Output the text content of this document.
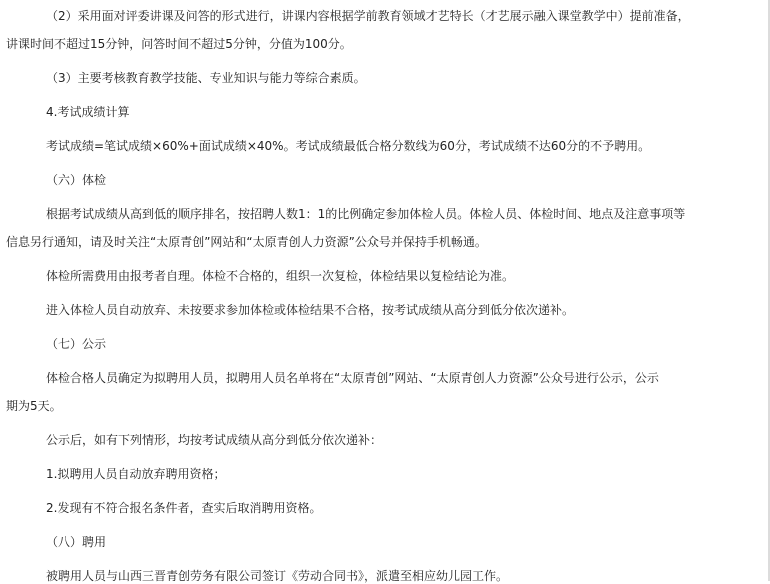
（2）采用面对评委讲课及问答的形式进行，讲课内容根据学前教育领域才艺特长（才艺展示融入课堂教学中）提前准备，
讲课时间不超过15分钟，问答时间不超过5分钟，分值为100分。
（3）主要考核教育教学技能、专业知识与能力等综合素质。
4.考试成绩计算
考试成绩=笔试成绩×60%+面试成绩×40%。考试成绩最低合格分数线为60分，考试成绩不达60分的不予聘用。
（六）体检
根据考试成绩从高到低的顺序排名，按招聘人数1：1的比例确定参加体检人员。体检人员、体检时间、地点及注意事项等
信息另行通知，请及时关注“太原青创”网站和“太原青创人力资源”公众号并保持手机畅通。
体检所需费用由报考者自理。体检不合格的，组织一次复检，体检结果以复检结论为准。
进入体检人员自动放弃、未按要求参加体检或体检结果不合格，按考试成绩从高分到低分依次递补。
（七）公示
体检合格人员确定为拟聘用人员，拟聘用人员名单将在“太原青创”网站、“太原青创人力资源”公众号进行公示，公示
期为5天。
公示后，如有下列情形，均按考试成绩从高分到低分依次递补：
1.拟聘用人员自动放弃聘用资格；
2.发现有不符合报名条件者，查实后取消聘用资格。
（八）聘用
被聘用人员与山西三晋青创劳务有限公司签订《劳动合同书》，派遣至相应幼儿园工作。
